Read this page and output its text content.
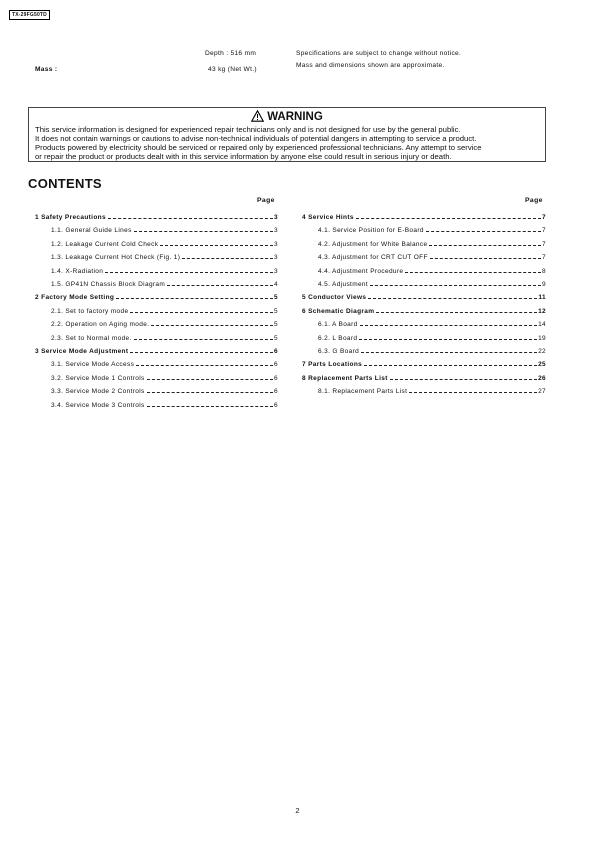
TX-29FG50TD
Mass :
Depth : 516 mm
43 kg (Net Wt.)
Specifications are subject to change without notice.
Mass and dimensions shown are approximate.
WARNING
This service information is designed for experienced repair technicians only and is not designed for use by the general public.
It does not contain warnings or cautions to advise non-technical individuals of potential dangers in attempting to service a product.
Products powered by electricity should be serviced or repaired only by experienced professional technicians. Any attempt to service
or repair the product or products dealt with in this service information by anyone else could result in serious injury or death.
CONTENTS
Page	Page
1 Safety Precautions	3
1.1. General Guide Lines	3
1.2. Leakage Current Cold Check	3
1.3. Leakage Current Hot Check (Fig. 1)	3
1.4. X-Radiation	3
1.5. GP41N Chassis Block Diagram	4
2 Factory Mode Setting	5
2.1. Set to factory mode	5
2.2. Operation on Aging mode.	5
2.3. Set to Normal mode.	5
3 Service Mode Adjustment	6
3.1. Service Mode Access	6
3.2. Service Mode 1 Controls	6
3.3. Service Mode 2 Controls	6
3.4. Service Mode 3 Controls	6
4 Service Hints	7
4.1. Service Position for E-Board	7
4.2. Adjustment for White Balance	7
4.3. Adjustment for CRT CUT OFF	7
4.4. Adjustment Procedure	8
4.5. Adjustment	9
5 Conductor Views	11
6 Schematic Diagram	12
6.1. A Board	14
6.2. L Board	19
6.3. G Board	22
7 Parts Locations	25
8 Replacement Parts List	26
8.1. Replacement Parts List	27
2
